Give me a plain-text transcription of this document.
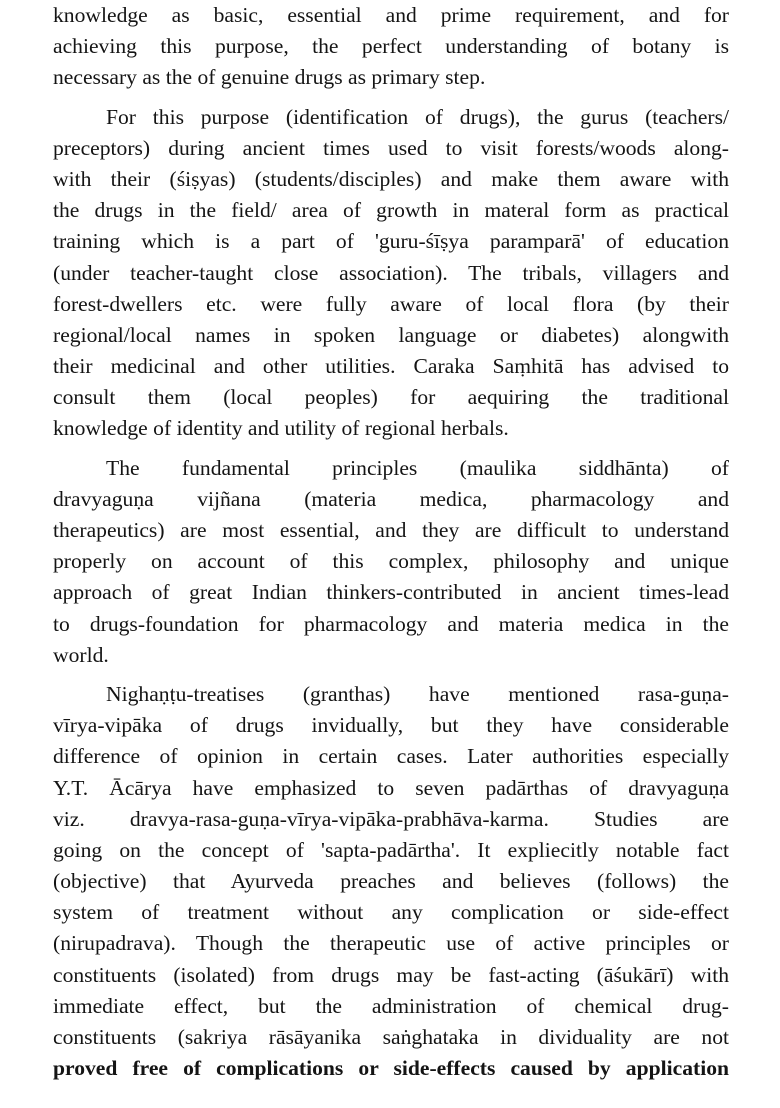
knowledge as basic, essential and prime requirement, and for
achieving this purpose, the perfect understanding of botany is
necessary as the of genuine drugs as primary step.
For this purpose (identification of drugs), the gurus (teachers/
preceptors) during ancient times used to visit forests/woods along-
with their (śiṣyas) (students/disciples) and make them aware with
the drugs in the field/ area of growth in materal form as practical
training which is a part of 'guru-śīṣya paramparā' of education
(under teacher-taught close association). The tribals, villagers and
forest-dwellers etc. were fully aware of local flora (by their
regional/local names in spoken language or diabetes) alongwith
their medicinal and other utilities. Caraka Saṃhitā has advised to
consult them (local peoples) for aequiring the traditional
knowledge of identity and utility of regional herbals.
The fundamental principles (maulika siddhānta) of
dravyaguṇa vijñana (materia medica, pharmacology and
therapeutics) are most essential, and they are difficult to understand
properly on account of this complex, philosophy and unique
approach of great Indian thinkers-contributed in ancient times-lead
to drugs-foundation for pharmacology and materia medica in the
world.
Nighaṇṭu-treatises (granthas) have mentioned rasa-guṇa-
vīrya-vipāka of drugs invidually, but they have considerable
difference of opinion in certain cases. Later authorities especially
Y.T. Ācārya have emphasized to seven padārthas of dravyaguṇa
viz. dravya-rasa-guṇa-vīrya-vipāka-prabhāva-karma. Studies are
going on the concept of 'sapta-padārtha'. It expliecitly notable fact
(objective) that Ayurveda preaches and believes (follows) the
system of treatment without any complication or side-effect
(nirupadrava). Though the therapeutic use of active principles or
constituents (isolated) from drugs may be fast-acting (āśukārī) with
immediate effect, but the administration of chemical drug-
constituents (sakriya rāsāyanika saṅghataka in dividuality are not
proved free of complications or side-effects caused by application
